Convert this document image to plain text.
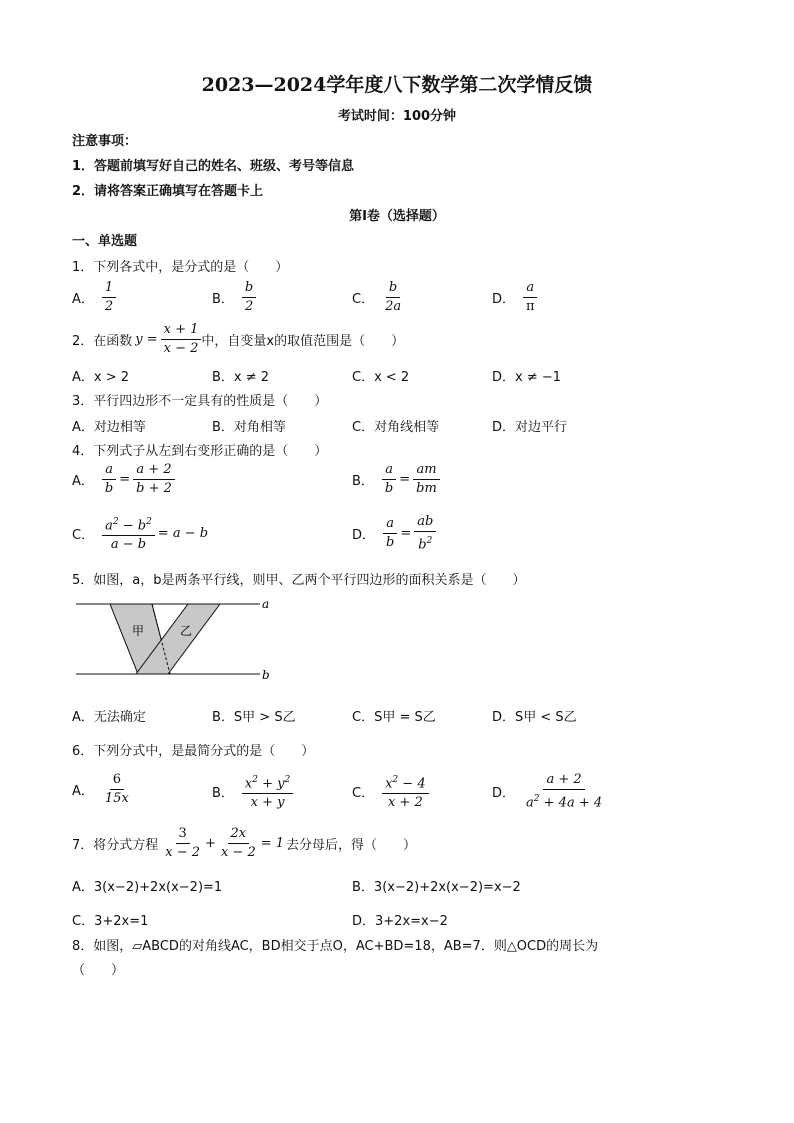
2023—2024学年度八下数学第二次学情反馈
考试时间：100分钟
注意事项：
1．答题前填写好自己的姓名、班级、考号等信息
2．请将答案正确填写在答题卡上
第Ⅰ卷（选择题）
一、单选题
1．下列各式中，是分式的是（　　）
A． $\frac{1}{2}$	B． $\frac{b}{2}$	C． $\frac{b}{2a}$	D． $\frac{a}{\pi}$
2．在函数 $y = \frac{x + 1}{x - 2}$ 中，自变量x的取值范围是（　　）
A．x > 2	B．x ≠ 2	C．x < 2	D．x ≠ −1
3．平行四边形不一定具有的性质是（　　）
A．对边相等	B．对角相等	C．对角线相等	D．对边平行
4．下列式子从左到右变形正确的是（　　）
A． $\frac{a}{b} = \frac{a + 2}{b + 2}$	B． $\frac{a}{b} = \frac{am}{bm}$
C． $\frac{a^2 - b^2}{a - b} = a - b$	D． $\frac{a}{b} = \frac{ab}{b^2}$
5．如图，a，b是两条平行线，则甲、乙两个平行四边形的面积关系是（　　）
a
b
甲	乙
A．无法确定	B．S甲 > S乙	C．S甲 = S乙	D．S甲 < S乙
6．下列分式中，是最简分式的是（　　）
A． $\frac{6}{15x}$	B． $\frac{x^2 + y^2}{x + y}$	C． $\frac{x^2 - 4}{x + 2}$	D． $\frac{a + 2}{a^2 + 4a + 4}$
7．将分式方程 $\frac{3}{x - 2} + \frac{2x}{x - 2} = 1$ 去分母后，得（　　）
A．3(x−2)+2x(x−2)=1	B．3(x−2)+2x(x−2)=x−2
C．3+2x=1	D．3+2x=x−2
8．如图，▱ABCD的对角线AC，BD相交于点O，AC+BD=18，AB=7．则△OCD的周长为
（　　）
